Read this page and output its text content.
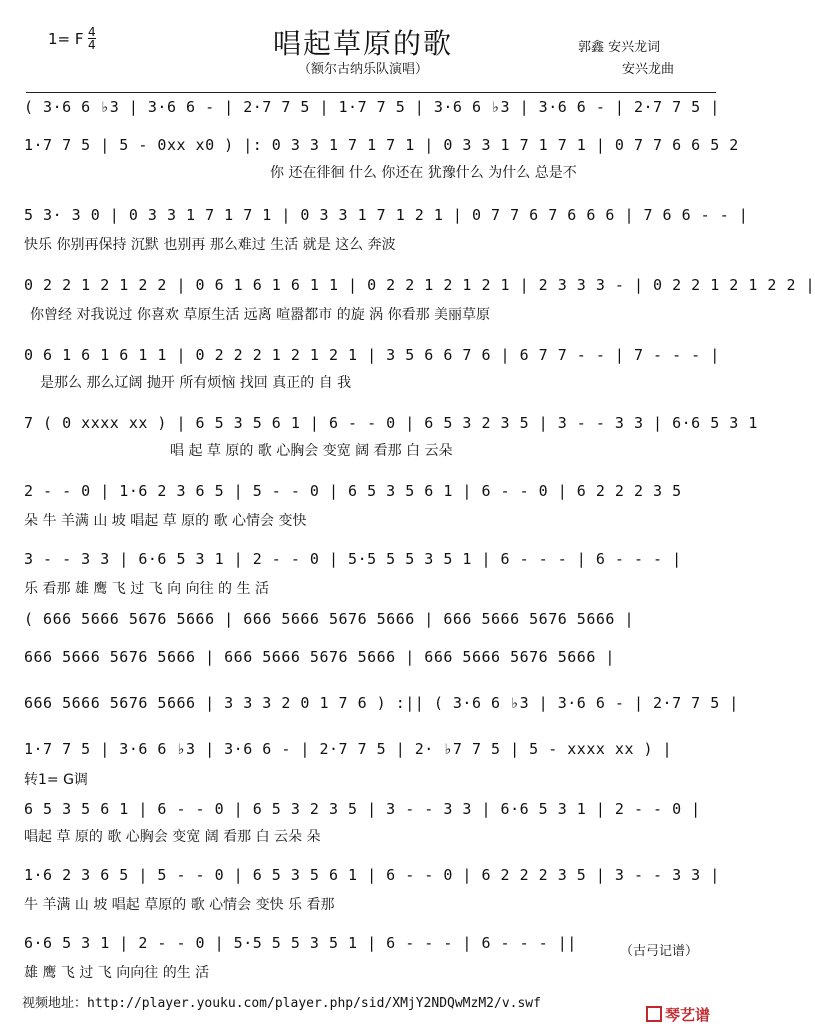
1= F 4
4	唱起草原的歌
（额尔古纳乐队演唱）
郭鑫 安兴龙词
安兴龙曲
( 3·6 6 ♭3 | 3·6 6 - | 2·7 7 5 | 1·7 7 5 | 3·6 6 ♭3 | 3·6 6 - | 2·7 7 5 |
1·7 7 5 | 5 - 0xx x0 ) |: 0 3 3 1 7 1 7 1 | 0 3 3 1 7 1 7 1 | 0 7 7 6 6 5 2
你 还在徘徊 什么 你还在 犹豫什么 为什么 总是不
5 3· 3 0 | 0 3 3 1 7 1 7 1 | 0 3 3 1 7 1 2 1 | 0 7 7 6 7 6 6 6 | 7 6 6 - - |
快乐 你别再保持 沉默 也别再 那么难过 生活 就是 这么 奔波
0 2 2 1 2 1 2 2 | 0 6 1 6 1 6 1 1 | 0 2 2 1 2 1 2 1 | 2 3 3 3 - | 0 2 2 1 2 1 2 2 |
你曾经 对我说过 你喜欢 草原生活 远离 喧嚣都市 的旋 涡 你看那 美丽草原
0 6 1 6 1 6 1 1 | 0 2 2 2 1 2 1 2 1 | 3 5 6 6 7 6 | 6 7 7 - - | 7 - - - |
是那么 那么辽阔 抛开 所有烦恼 找回 真正的 自 我
7 ( 0 xxxx xx ) | 6 5 3 5 6 1 | 6 - - 0 | 6 5 3 2 3 5 | 3 - - 3 3 | 6·6 5 3 1
唱 起 草 原的 歌 心胸会 变宽 阔 看那 白 云朵
2 - - 0 | 1·6 2 3 6 5 | 5 - - 0 | 6 5 3 5 6 1 | 6 - - 0 | 6 2 2 2 3 5
朵 牛 羊满 山 坡 唱起 草 原的 歌 心情会 变快
3 - - 3 3 | 6·6 5 3 1 | 2 - - 0 | 5·5 5 5 3 5 1 | 6 - - - | 6 - - - |
乐 看那 雄 鹰 飞 过 飞 向 向往 的 生 活
( 666 5666 5676 5666 | 666 5666 5676 5666 | 666 5666 5676 5666 |
666 5666 5676 5666 | 666 5666 5676 5666 | 666 5666 5676 5666 |
666 5666 5676 5666 | 3 3 3 2 0 1 7 6 ) :|| ( 3·6 6 ♭3 | 3·6 6 - | 2·7 7 5 |
1·7 7 5 | 3·6 6 ♭3 | 3·6 6 - | 2·7 7 5 | 2· ♭7 7 5 | 5 - xxxx xx ) |
转1= G调
6 5 3 5 6 1 | 6 - - 0 | 6 5 3 2 3 5 | 3 - - 3 3 | 6·6 5 3 1 | 2 - - 0 |
唱起 草 原的 歌 心胸会 变宽 阔 看那 白 云朵 朵
1·6 2 3 6 5 | 5 - - 0 | 6 5 3 5 6 1 | 6 - - 0 | 6 2 2 2 3 5 | 3 - - 3 3 |
牛 羊满 山 坡 唱起 草原的 歌 心情会 变快 乐 看那
6·6 5 3 1 | 2 - - 0 | 5·5 5 5 3 5 1 | 6 - - - | 6 - - - ||
雄 鹰 飞 过 飞 向向往 的生 活
（古弓记谱）
视频地址：http://player.youku.com/player.php/sid/XMjY2NDQwMzM2/v.swf
琴艺谱
